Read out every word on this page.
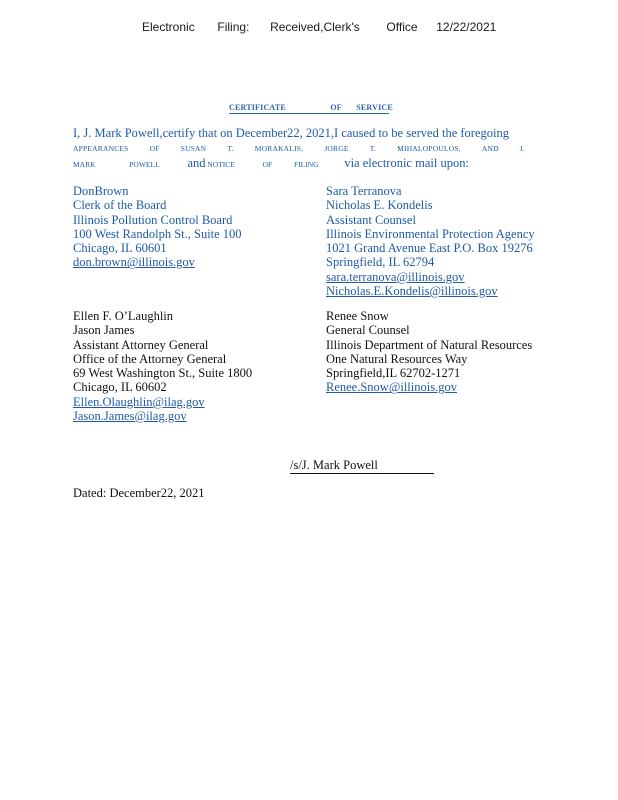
Electronic Filing: Received,Clerk's Office 12/22/2021
CERTIFICATE	OF SERVICE
I, J. Mark Powell,certify that on December22, 2021,I caused to be served the foregoing
APPEARANCES	OF	SUSAN	T.	MORAKALIS,	JORGE	T.	MIHALOPOULOS,	AND	J.
MARK	POWELL and NOTICE	OF	FILING via electronic mail upon:
DonBrown
Clerk of the Board
Illinois Pollution Control Board
100 West Randolph St., Suite 100
Chicago, IL 60601
don.brown@illinois.gov
Sara Terranova
Nicholas E. Kondelis
Assistant Counsel
Illinois Environmental Protection Agency
1021 Grand Avenue East P.O. Box 19276
Springfield, IL 62794
sara.terranova@illinois.gov
Nicholas.E.Kondelis@illinois.gov
Ellen F. O’Laughlin
Jason James
Assistant Attorney General
Office of the Attorney General
69 West Washington St., Suite 1800
Chicago, IL 60602
Ellen.Olaughlin@ilag.gov
Jason.James@ilag.gov
Renee Snow
General Counsel
Illinois Department of Natural Resources
One Natural Resources Way
Springfield,IL 62702-1271
Renee.Snow@illinois.gov
/s/J. Mark Powell
Dated: December22, 2021
